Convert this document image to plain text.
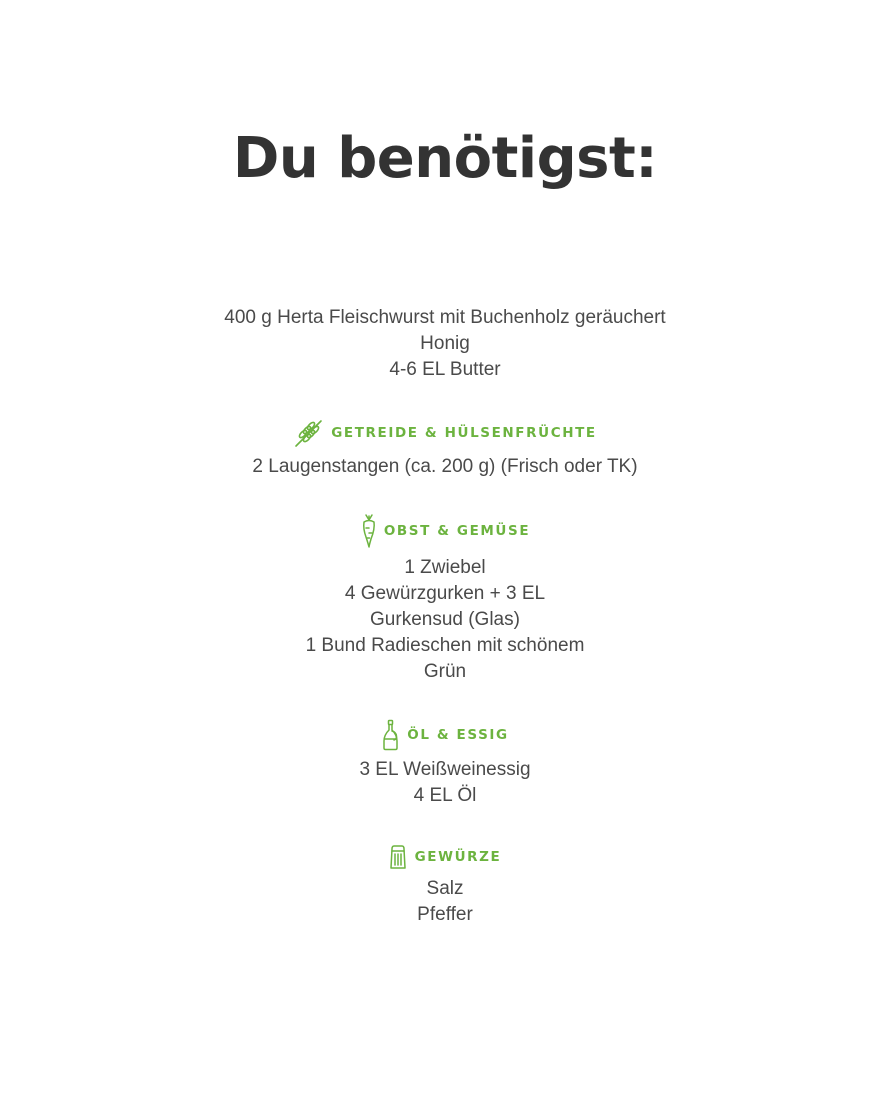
Du benötigst:
400 g Herta Fleischwurst mit Buchenholz geräuchert
Honig
4-6 EL Butter
GETREIDE & HÜLSENFRÜCHTE
2 Laugenstangen (ca. 200 g) (Frisch oder TK)
OBST & GEMÜSE
1 Zwiebel
4 Gewürzgurken + 3 EL Gurkensud (Glas)
1 Bund Radieschen mit schönem Grün
ÖL & ESSIG
3 EL Weißweinessig
4 EL Öl
GEWÜRZE
Salz
Pfeffer
